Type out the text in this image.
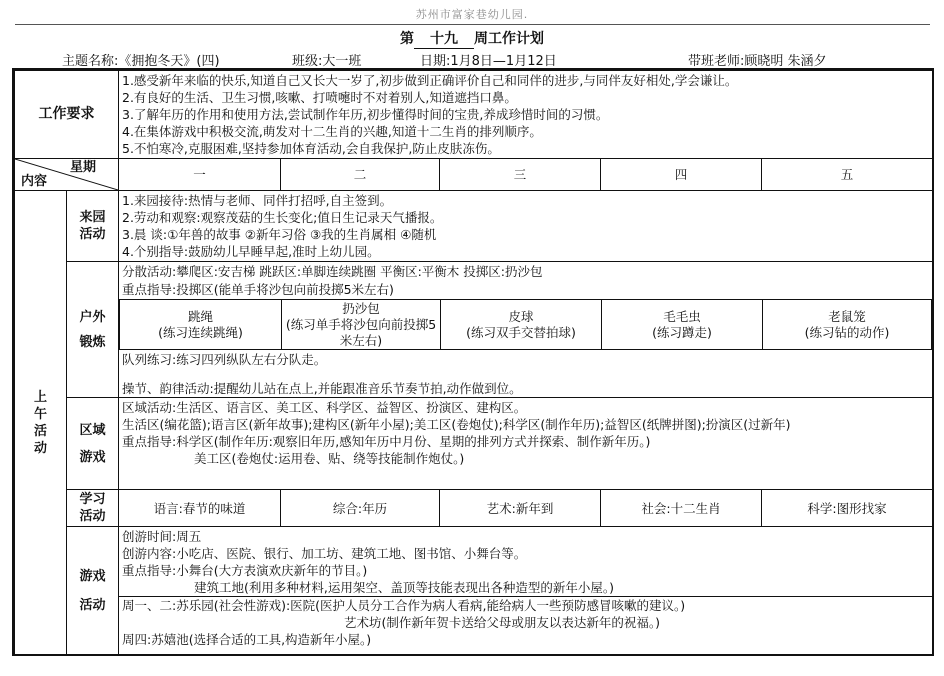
苏州市富家巷幼儿园.
第 十九 周工作计划
主题名称:《拥抱冬天》(四)	班级:大一班	日期:1月8日—1月12日	带班老师:顾晓明 朱涵夕
工作要求	
1.感受新年来临的快乐,知道自己又长大一岁了,初步做到正确评价自己和同伴的进步,与同伴友好相处,学会谦让。
2.有良好的生活、卫生习惯,咳嗽、打喷嚏时不对着别人,知道遮挡口鼻。
3.了解年历的作用和使用方法,尝试制作年历,初步懂得时间的宝贵,养成珍惜时间的习惯。
4.在集体游戏中积极交流,萌发对十二生肖的兴趣,知道十二生肖的排列顺序。
5.不怕寒冷,克服困难,坚持参加体育活动,会自我保护,防止皮肤冻伤。

星期
内容	一	二	三	四	五

上
午
活
动

来园
活动

1.来园接待:热情与老师、同伴打招呼,自主签到。
2.劳动和观察:观察茂菇的生长变化;值日生记录天气播报。
3.晨 谈:①年兽的故事 ②新年习俗 ③我的生肖属相 ④随机
4.个别指导:鼓励幼儿早睡早起,准时上幼儿园。

户外
锻炼

分散活动:攀爬区:安吉梯 跳跃区:单脚连续跳圈 平衡区:平衡木 投掷区:扔沙包
重点指导:投掷区(能单手将沙包向前投掷5米左右)
跳绳
(练习连续跳绳)

扔沙包
(练习单手将沙包向前投掷5米左右)

皮球
(练习双手交替拍球)

毛毛虫
(练习蹲走)

老鼠笼
(练习钻的动作)
队列练习:练习四列纵队左右分队走。
操节、韵律活动:提醒幼儿站在点上,并能跟准音乐节奏节拍,动作做到位。

区域
游戏

区域活动:生活区、语言区、美工区、科学区、益智区、扮演区、建构区。
生活区(编花篮);语言区(新年故事);建构区(新年小屋);美工区(卷炮仗);科学区(制作年历);益智区(纸牌拼图);扮演区(过新年)
重点指导:科学区(制作年历:观察旧年历,感知年历中月份、星期的排列方式并探索、制作新年历。)
美工区(卷炮仗:运用卷、贴、绕等技能制作炮仗。)

学习
活动
	语言:春节的味道	综合:年历	艺术:新年到	社会:十二生肖	科学:图形找家

游戏
活动

创游时间:周五
创游内容:小吃店、医院、银行、加工坊、建筑工地、图书馆、小舞台等。
重点指导:小舞台(大方表演欢庆新年的节目。)
建筑工地(利用多种材料,运用架空、盖顶等技能表现出各种造型的新年小屋。)
周一、二:苏乐园(社会性游戏):医院(医护人员分工合作为病人看病,能给病人一些预防感冒咳嗽的建议。)
艺术坊(制作新年贺卡送给父母或朋友以表达新年的祝福。)
周四:苏嬉池(选择合适的工具,构造新年小屋。)
